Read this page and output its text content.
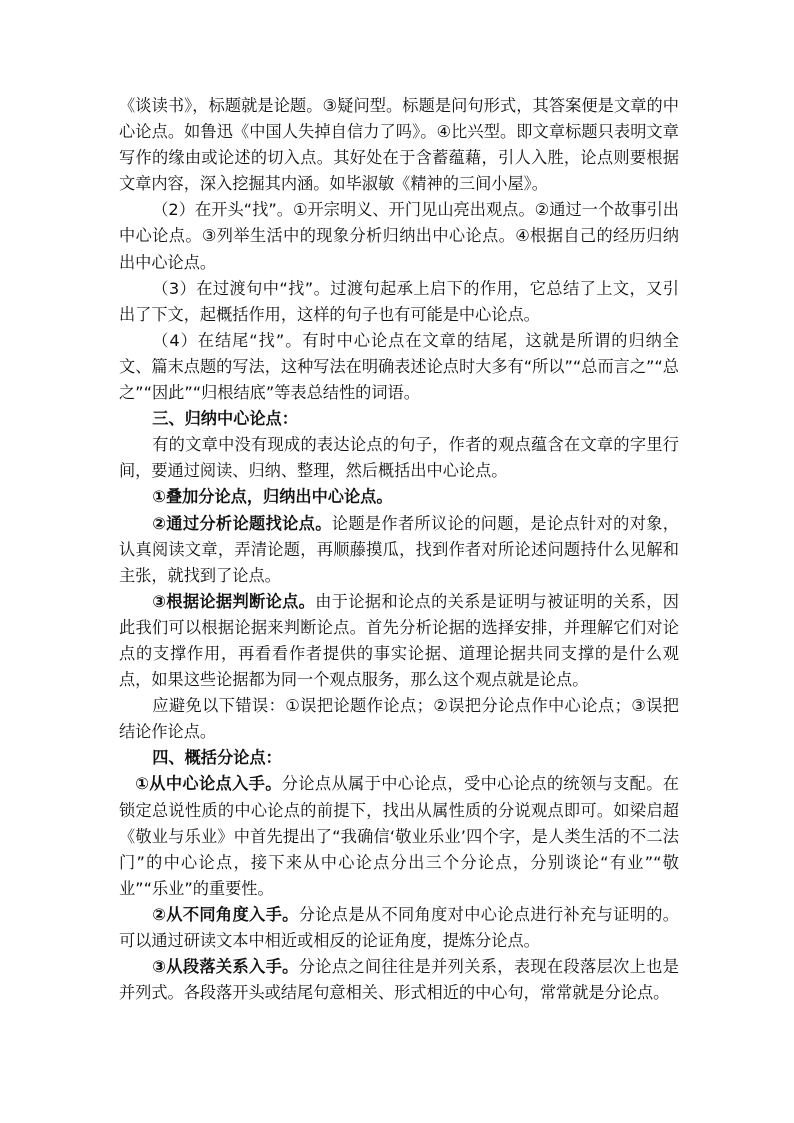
《谈读书》，标题就是论题。③疑问型。标题是问句形式，其答案便是文章的中心论点。如鲁迅《中国人失掉自信力了吗》。④比兴型。即文章标题只表明文章写作的缘由或论述的切入点。其好处在于含蓄蕴藉，引人入胜，论点则要根据文章内容，深入挖掘其内涵。如毕淑敏《精神的三间小屋》。

（2）在开头“找”。①开宗明义、开门见山亮出观点。②通过一个故事引出中心论点。③列举生活中的现象分析归纳出中心论点。④根据自己的经历归纳出中心论点。

（3）在过渡句中“找”。过渡句起承上启下的作用，它总结了上文，又引出了下文，起概括作用，这样的句子也有可能是中心论点。

（4）在结尾“找”。有时中心论点在文章的结尾，这就是所谓的归纳全文、篇末点题的写法，这种写法在明确表述论点时大多有“所以”“总而言之”“总之”“因此”“归根结底”等表总结性的词语。

三、归纳中心论点：

有的文章中没有现成的表达论点的句子，作者的观点蕴含在文章的字里行间，要通过阅读、归纳、整理，然后概括出中心论点。

①叠加分论点，归纳出中心论点。

②通过分析论题找论点。论题是作者所议论的问题，是论点针对的对象，认真阅读文章，弄清论题，再顺藤摸瓜，找到作者对所论述问题持什么见解和主张，就找到了论点。

③根据论据判断论点。由于论据和论点的关系是证明与被证明的关系，因此我们可以根据论据来判断论点。首先分析论据的选择安排，并理解它们对论点的支撑作用，再看看作者提供的事实论据、道理论据共同支撑的是什么观点，如果这些论据都为同一个观点服务，那么这个观点就是论点。

应避免以下错误：①误把论题作论点；②误把分论点作中心论点；③误把结论作论点。

四、概括分论点：

①从中心论点入手。分论点从属于中心论点，受中心论点的统领与支配。在锁定总说性质的中心论点的前提下，找出从属性质的分说观点即可。如梁启超《敬业与乐业》中首先提出了“我确信‘敬业乐业’四个字，是人类生活的不二法门”的中心论点，接下来从中心论点分出三个分论点，分别谈论“有业”“敬业”“乐业”的重要性。

②从不同角度入手。分论点是从不同角度对中心论点进行补充与证明的。可以通过研读文本中相近或相反的论证角度，提炼分论点。

③从段落关系入手。分论点之间往往是并列关系，表现在段落层次上也是并列式。各段落开头或结尾句意相关、形式相近的中心句，常常就是分论点。
